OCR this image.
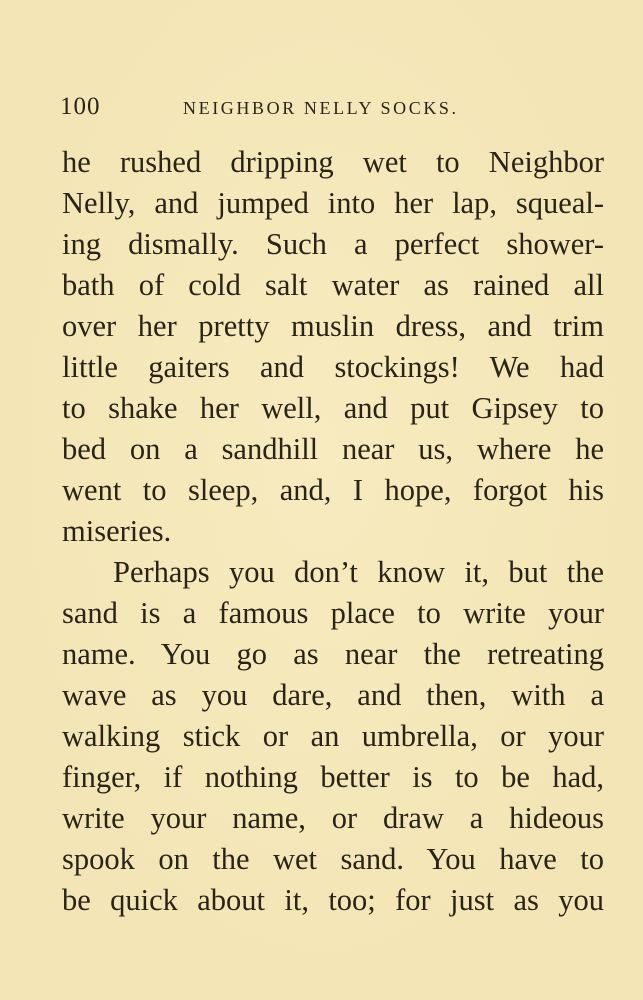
100	NEIGHBOR NELLY SOCKS.
he rushed dripping wet to Neighbor
Nelly, and jumped into her lap, squeal-
ing dismally. Such a perfect shower-
bath of cold salt water as rained all
over her pretty muslin dress, and trim
little gaiters and stockings! We had
to shake her well, and put Gipsey to
bed on a sandhill near us, where he
went to sleep, and, I hope, forgot his
miseries.
Perhaps you don’t know it, but the
sand is a famous place to write your
name. You go as near the retreating
wave as you dare, and then, with a
walking stick or an umbrella, or your
finger, if nothing better is to be had,
write your name, or draw a hideous
spook on the wet sand. You have to
be quick about it, too; for just as you
